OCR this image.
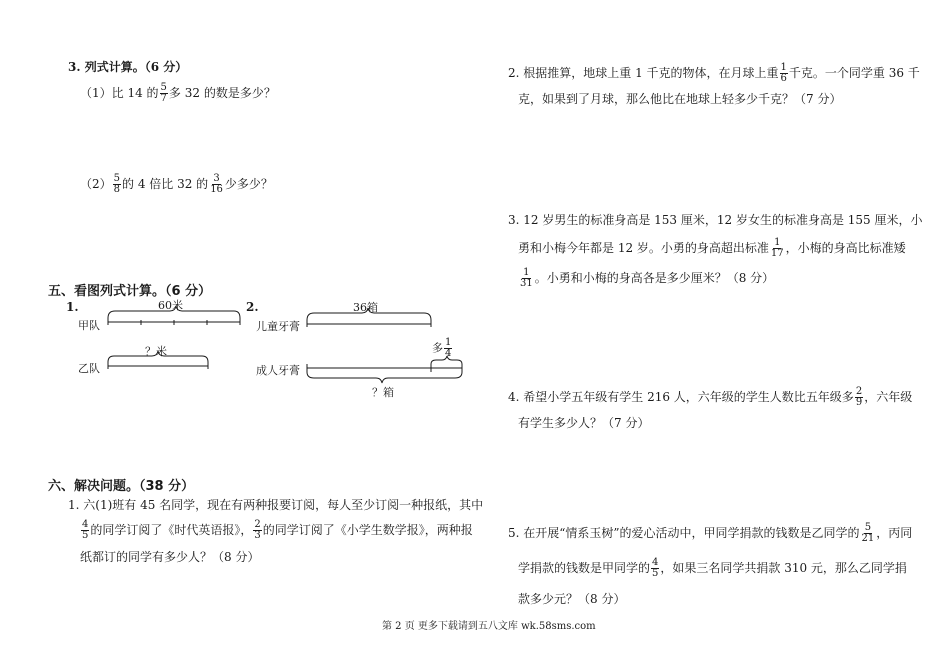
3. 列式计算。（6 分）
（1）比 14 的 $\frac{5}{7}$ 多 32 的数是多少？
$(2) \frac{5}{8}$ 的 4 倍比 32 的 $\frac{3}{16}$ 少多少？
五、看图列式计算。（6 分）
1.	60米
甲队
乙队
？米
2.	36箱
儿童牙膏
成人牙膏
多 $\frac{1}{4}$
？箱
六、解决问题。（38 分）
1. 六(1)班有 45 名同学，现在有两种报要订阅，每人至少订阅一种报纸，其中
$\frac{4}{5}$ 的同学订阅了《时代英语报》， $\frac{2}{3}$ 的同学订阅了《小学生数学报》，两种报
纸都订的同学有多少人？（8 分）
2. 根据推算，地球上重 1 千克的物体，在月球上重 $\frac{1}{6}$ 千克。一个同学重 36 千
克，如果到了月球，那么他比在地球上轻多少千克？（7 分）
3. 12 岁男生的标准身高是 153 厘米，12 岁女生的标准身高是 155 厘米，小
勇和小梅今年都是 12 岁。小勇的身高超出标准 $\frac{1}{17}$ ，小梅的身高比标准矮
$\frac{1}{31}$ 。小勇和小梅的身高各是多少厘米？（8 分）
4. 希望小学五年级有学生 216 人，六年级的学生人数比五年级多 $\frac{2}{9}$ ，六年级
有学生多少人？（7 分）
5. 在开展“情系玉树”的爱心活动中，甲同学捐款的钱数是乙同学的 $\frac{5}{21}$ ，丙同
学捐款的钱数是甲同学的 $\frac{4}{5}$ ，如果三名同学共捐款 310 元，那么乙同学捐
款多少元？（8 分）
第 2 页 更多下载请到五八文库 wk.58sms.com
